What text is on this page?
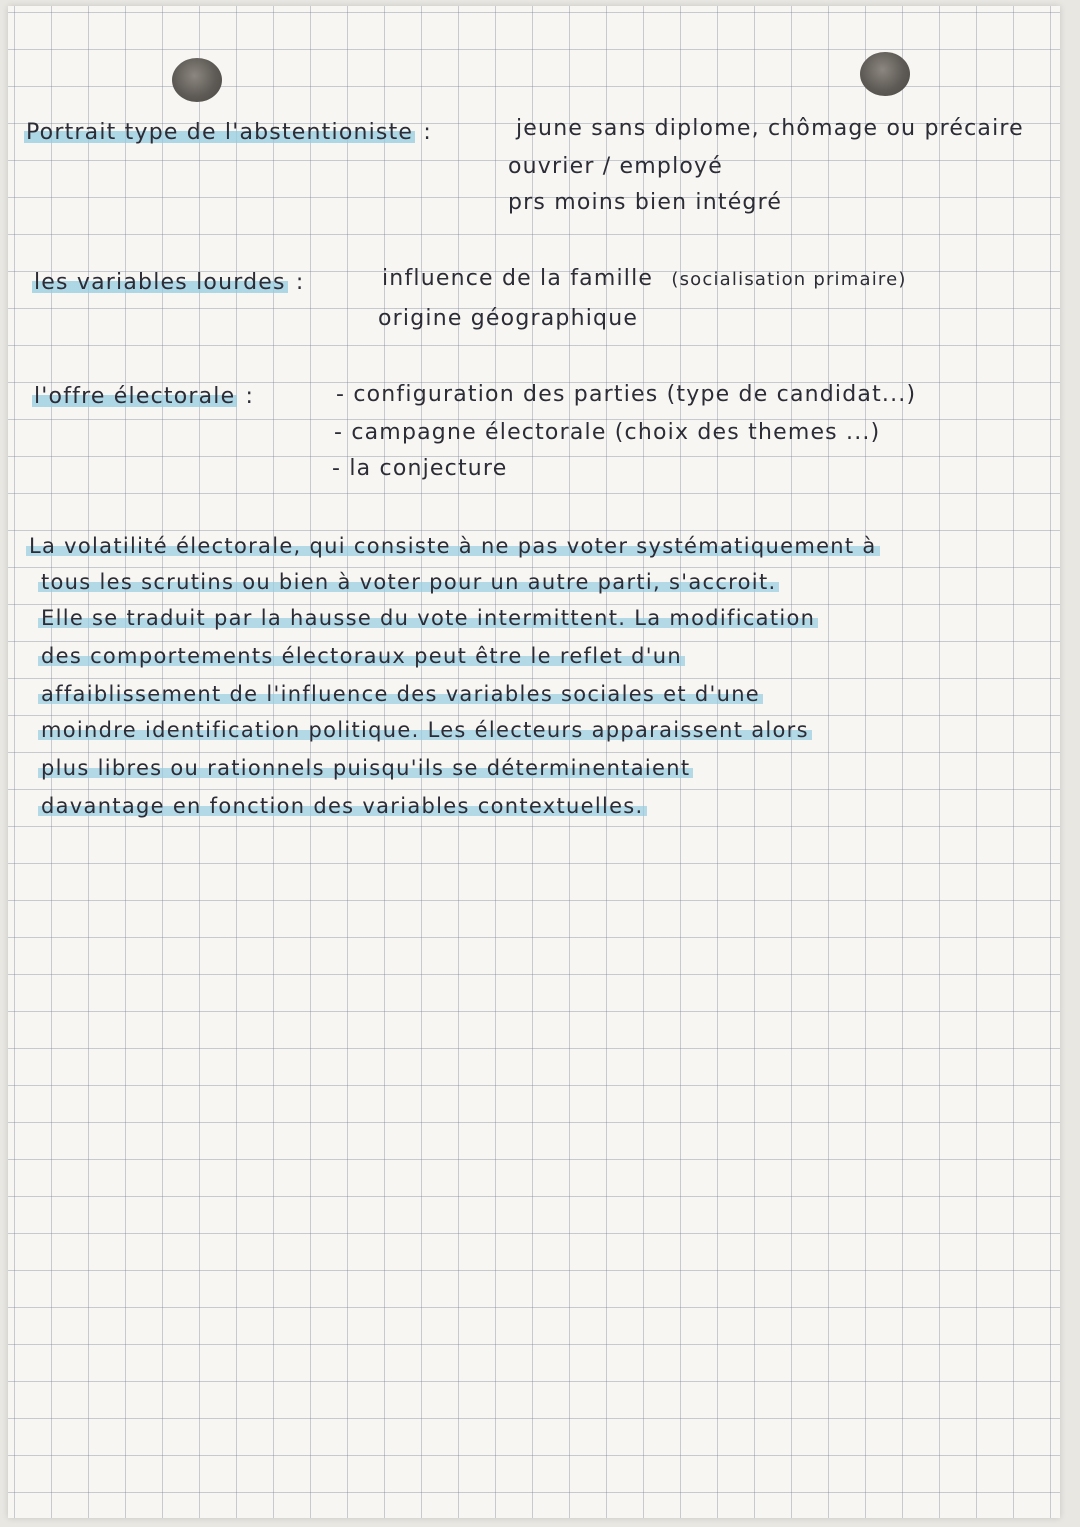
Portrait type de l'abstentioniste :	jeune sans diplome, chômage ou précaire
ouvrier / employé
prs moins bien intégré
les variables lourdes :	influence de la famille (socialisation primaire)
origine géographique
l'offre électorale :	- configuration des parties (type de candidat...)
- campagne électorale (choix des themes ...)
- la conjecture
La volatilité électorale, qui consiste à ne pas voter systématiquement à
tous les scrutins ou bien à voter pour un autre parti, s'accroit.
Elle se traduit par la hausse du vote intermittent. La modification
des comportements électoraux peut être le reflet d'un
affaiblissement de l'influence des variables sociales et d'une
moindre identification politique. Les électeurs apparaissent alors
plus libres ou rationnels puisqu'ils se déterminentaient
davantage en fonction des variables contextuelles.
